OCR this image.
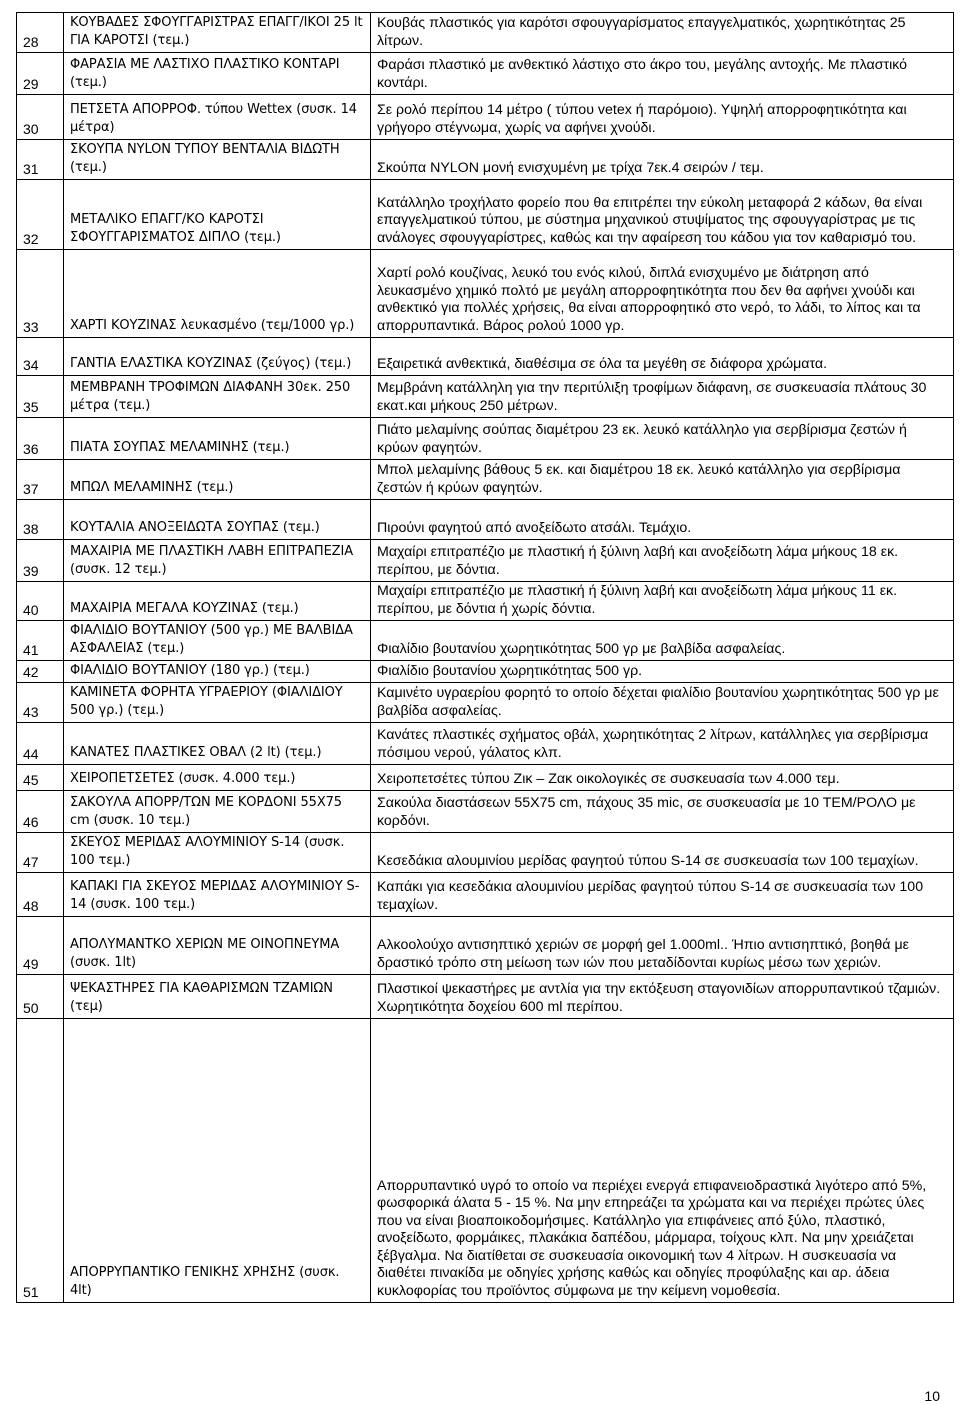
28	ΚΟΥΒΑΔΕΣ ΣΦΟΥΓΓΑΡΙΣΤΡΑΣ ΕΠΑΓΓ/ΙΚΟΙ 25 lt ΓΙΑ ΚΑΡΟΤΣΙ (τεμ.)	Κουβάς πλαστικός για καρότσι σφουγγαρίσματος επαγγελματικός, χωρητικότητας 25 λίτρων.
29	ΦΑΡΑΣΙΑ ΜΕ ΛΑΣΤΙΧΟ ΠΛΑΣΤΙΚΟ ΚΟΝΤΑΡΙ (τεμ.)	Φαράσι πλαστικό με ανθεκτικό λάστιχο στο άκρο του, μεγάλης αντοχής. Με πλαστικό κοντάρι.
30	ΠΕΤΣΕΤΑ ΑΠΟΡΡΟΦ. τύπου Wettex (συσκ. 14 μέτρα)	Σε ρολό περίπου 14 μέτρο ( τύπου vetex ή παρόμοιο). Υψηλή απορροφητικότητα και γρήγορο στέγνωμα, χωρίς να αφήνει χνούδι.
31	ΣΚΟΥΠΑ NYLON ΤΥΠΟΥ ΒΕΝΤΑΛΙΑ ΒΙΔΩΤΗ (τεμ.)	Σκούπα NYLON μονή ενισχυμένη με τρίχα 7εκ.4 σειρών / τεμ.
32	ΜΕΤΑΛΙΚΟ ΕΠΑΓΓ/ΚΟ ΚΑΡΟΤΣΙ ΣΦΟΥΓΓΑΡΙΣΜΑΤΟΣ ΔΙΠΛΟ (τεμ.)	Κατάλληλο τροχήλατο φορείο που θα επιτρέπει την εύκολη μεταφορά 2 κάδων, θα είναι επαγγελματικού τύπου, με σύστημα μηχανικού στυψίματος της σφουγγαρίστρας με τις ανάλογες σφουγγαρίστρες, καθώς και την αφαίρεση του κάδου για τον καθαρισμό του.
33	ΧΑΡΤΙ ΚΟΥΖΙΝΑΣ λευκασμένο (τεμ/1000 γρ.)	Χαρτί ρολό κουζίνας, λευκό του ενός κιλού, διπλά ενισχυμένο με διάτρηση από λευκασμένο χημικό πολτό με μεγάλη απορροφητικότητα που δεν θα αφήνει χνούδι και ανθεκτικό για πολλές χρήσεις, θα είναι απορροφητικό στο νερό, το λάδι, το λίπος και τα απορρυπαντικά. Βάρος ρολού 1000 γρ.
34	ΓΑΝΤΙΑ ΕΛΑΣΤΙΚΑ ΚΟΥΖΙΝΑΣ (ζεύγος) (τεμ.)	Εξαιρετικά ανθεκτικά, διαθέσιμα σε όλα τα μεγέθη σε διάφορα χρώματα.
35	ΜΕΜΒΡΑΝΗ ΤΡΟΦΙΜΩΝ ΔΙΑΦΑΝΗ 30εκ. 250 μέτρα (τεμ.)	Μεμβράνη κατάλληλη για την περιτύλιξη τροφίμων διάφανη, σε συσκευασία πλάτους 30 εκατ.και μήκους 250 μέτρων.
36	ΠΙΑΤΑ ΣΟΥΠΑΣ ΜΕΛΑΜΙΝΗΣ (τεμ.)	Πιάτο μελαμίνης σούπας διαμέτρου 23 εκ. λευκό κατάλληλο για σερβίρισμα ζεστών ή κρύων φαγητών.
37	ΜΠΩΛ ΜΕΛΑΜΙΝΗΣ (τεμ.)	Μπολ μελαμίνης βάθους 5 εκ. και διαμέτρου 18 εκ. λευκό κατάλληλο για σερβίρισμα ζεστών ή κρύων φαγητών.
38	ΚΟΥΤΑΛΙΑ ΑΝΟΞΕΙΔΩΤΑ ΣΟΥΠΑΣ (τεμ.)	Πιρούνι φαγητού από ανοξείδωτο ατσάλι. Τεμάχιο.
39	ΜΑΧΑΙΡΙΑ ΜΕ ΠΛΑΣΤΙΚΗ ΛΑΒΗ ΕΠΙΤΡΑΠΕΖΙΑ (συσκ. 12 τεμ.)	Μαχαίρι επιτραπέζιο με πλαστική ή ξύλινη λαβή και ανοξείδωτη λάμα μήκους 18 εκ. περίπου, με δόντια.
40	ΜΑΧΑΙΡΙΑ ΜΕΓΑΛΑ ΚΟΥΖΙΝΑΣ (τεμ.)	Μαχαίρι επιτραπέζιο με πλαστική ή ξύλινη λαβή και ανοξείδωτη λάμα μήκους 11 εκ. περίπου, με δόντια ή χωρίς δόντια.
41	ΦΙΑΛΙΔΙΟ ΒΟΥΤΑΝΙΟΥ (500 γρ.) ΜΕ ΒΑΛΒΙΔΑ ΑΣΦΑΛΕΙΑΣ (τεμ.)	Φιαλίδιο βουτανίου χωρητικότητας 500 γρ με βαλβίδα ασφαλείας.
42	ΦΙΑΛΙΔΙΟ ΒΟΥΤΑΝΙΟΥ (180 γρ.) (τεμ.)	Φιαλίδιο βουτανίου χωρητικότητας 500 γρ.
43	ΚΑΜΙΝΕΤΑ ΦΟΡΗΤΑ ΥΓΡΑΕΡΙΟΥ (ΦΙΑΛΙΔΙΟΥ 500 γρ.) (τεμ.)	Καμινέτο υγραερίου φορητό το οποίο δέχεται φιαλίδιο βουτανίου χωρητικότητας 500 γρ με βαλβίδα ασφαλείας.
44	ΚΑΝΑΤΕΣ ΠΛΑΣΤΙΚΕΣ ΟΒΑΛ (2 lt) (τεμ.)	Κανάτες πλαστικές σχήματος οβάλ, χωρητικότητας 2 λίτρων, κατάλληλες για σερβίρισμα πόσιμου νερού, γάλατος κλπ.
45	ΧΕΙΡΟΠΕΤΣΕΤΕΣ (συσκ. 4.000 τεμ.)	Χειροπετσέτες τύπου Ζικ – Ζακ οικολογικές σε συσκευασία των 4.000 τεμ.
46	ΣΑΚΟΥΛΑ ΑΠΟΡΡ/ΤΩΝ ΜΕ ΚΟΡΔΟΝΙ 55Χ75 cm (συσκ. 10 τεμ.)	Σακούλα διαστάσεων 55Χ75 cm, πάχους 35 mic, σε συσκευασία με 10 ΤΕΜ/ΡΟΛΟ με κορδόνι.
47	ΣΚΕΥΟΣ ΜΕΡΙΔΑΣ ΑΛΟΥΜΙΝΙΟΥ S-14 (συσκ. 100 τεμ.)	Κεσεδάκια αλουμινίου μερίδας φαγητού τύπου S-14 σε συσκευασία των 100 τεμαχίων.
48	ΚΑΠΑΚΙ ΓΙΑ ΣΚΕΥΟΣ ΜΕΡΙΔΑΣ ΑΛΟΥΜΙΝΙΟΥ S-14 (συσκ. 100 τεμ.)	Καπάκι για κεσεδάκια αλουμινίου μερίδας φαγητού τύπου S-14 σε συσκευασία των 100 τεμαχίων.
49	ΑΠΟΛΥΜΑΝΤΚΟ ΧΕΡΙΩΝ ΜΕ ΟΙΝΟΠΝΕΥΜΑ (συσκ. 1lt)	Αλκοολούχο αντισηπτικό χεριών σε μορφή gel 1.000ml.. Ήπιο αντισηπτικό, βοηθά με δραστικό τρόπο στη μείωση των ιών που μεταδίδονται κυρίως μέσω των χεριών.
50	ΨΕΚΑΣΤΗΡΕΣ ΓΙΑ ΚΑΘΑΡΙΣΜΩΝ ΤΖΑΜΙΩΝ (τεμ)	Πλαστικοί ψεκαστήρες με αντλία για την εκτόξευση σταγονιδίων απορρυπαντικού τζαμιών. Χωρητικότητα δοχείου 600 ml περίπου.
51	ΑΠΟΡΡΥΠΑΝΤΙΚΟ ΓΕΝΙΚΗΣ ΧΡΗΣΗΣ (συσκ. 4lt)	Απορρυπαντικό υγρό το οποίο να περιέχει ενεργά επιφανειοδραστικά λιγότερο από 5%, φωσφορικά άλατα 5 - 15 %. Να μην επηρεάζει τα χρώματα και να περιέχει πρώτες ύλες που να είναι βιοαποικοδομήσιμες. Κατάλληλο για επιφάνειες από ξύλο, πλαστικό, ανοξείδωτο, φορμάικες, πλακάκια δαπέδου, μάρμαρα, τοίχους κλπ. Να μην χρειάζεται ξέβγαλμα. Να διατίθεται σε συσκευασία οικονομική των 4 λίτρων. Η συσκευασία να διαθέτει πινακίδα με οδηγίες χρήσης καθώς και οδηγίες προφύλαξης και αρ. άδεια κυκλοφορίας του προϊόντος σύμφωνα με την κείμενη νομοθεσία.
10
